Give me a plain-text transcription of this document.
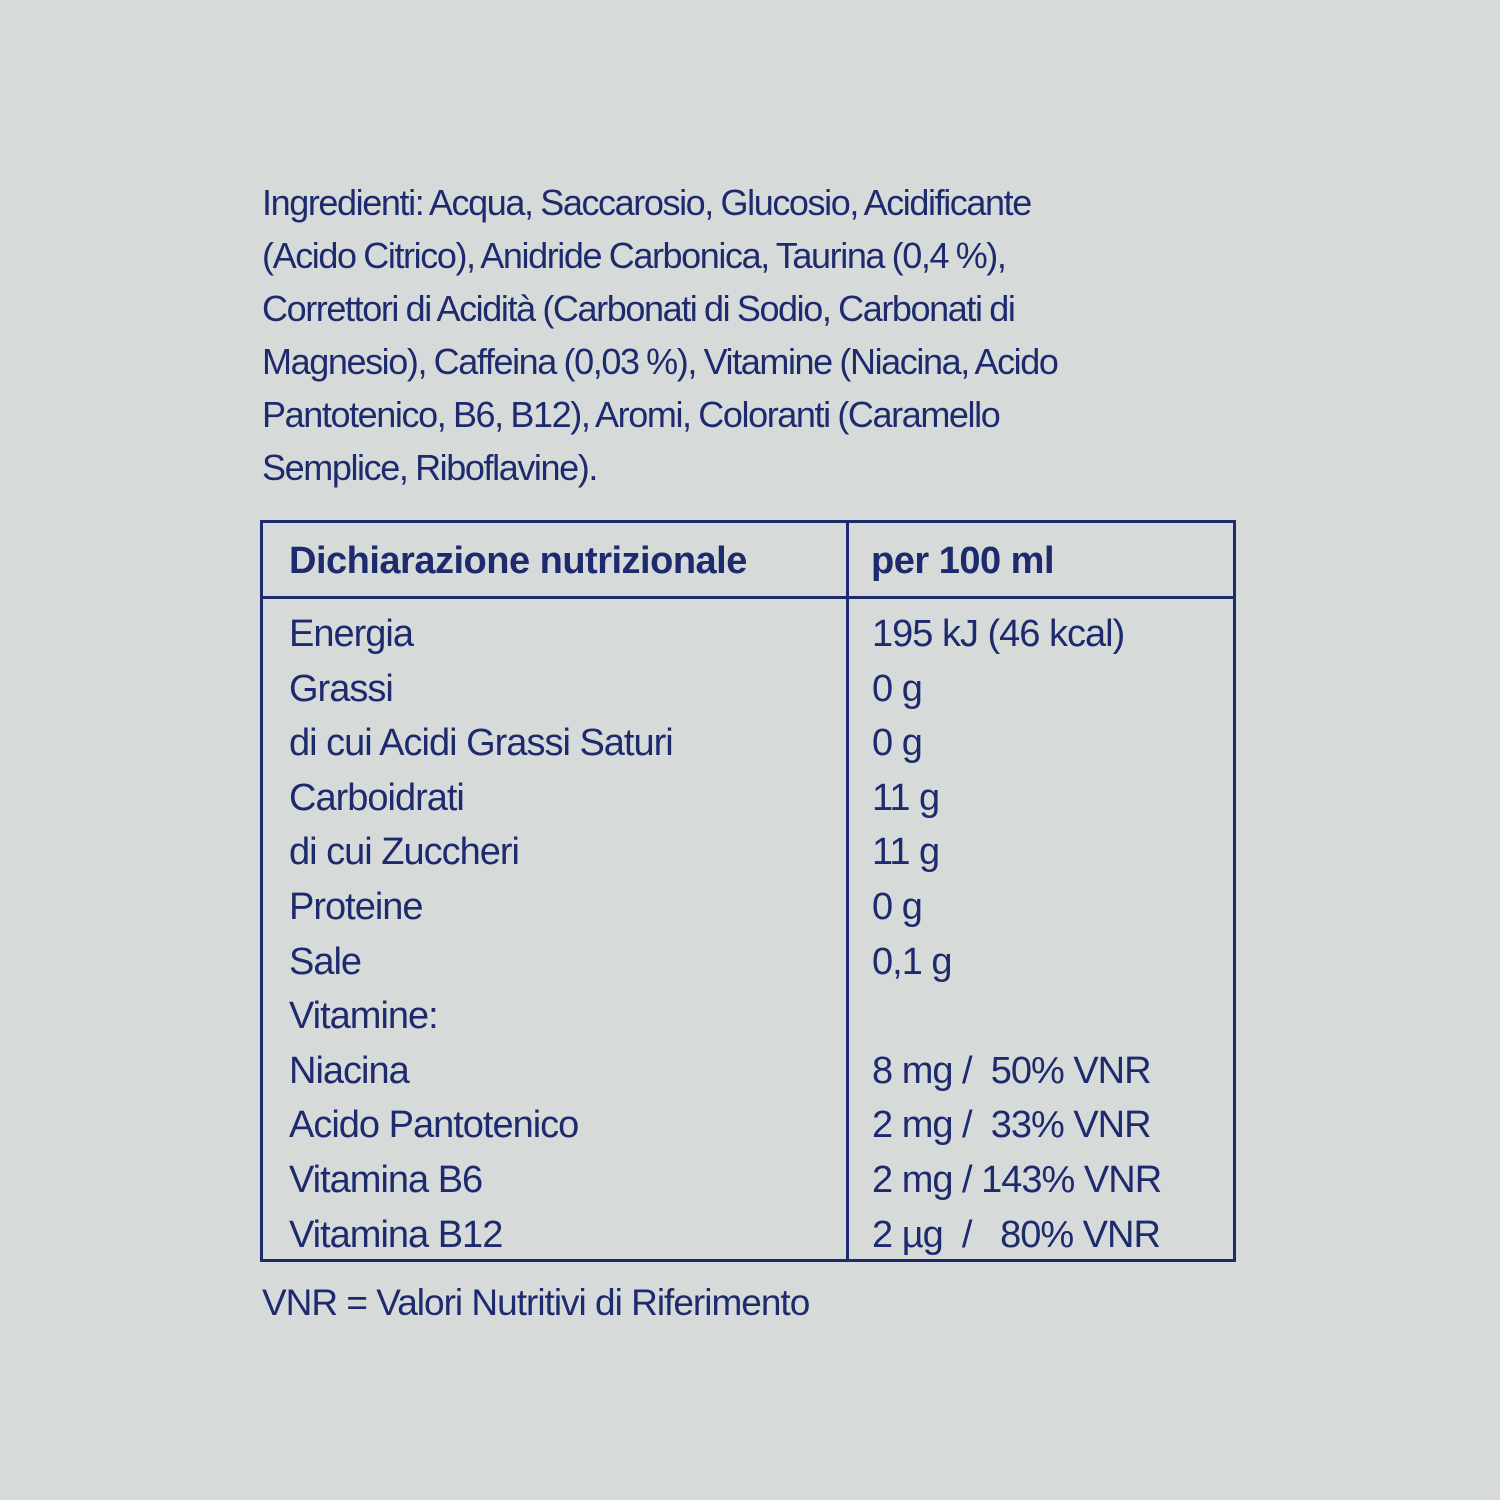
Ingredienti: Acqua, Saccarosio, Glucosio, Acidificante
(Acido Citrico), Anidride Carbonica, Taurina (0,4 %),
Correttori di Acidità (Carbonati di Sodio, Carbonati di
Magnesio), Caffeina (0,03 %), Vitamine (Niacina, Acido
Pantotenico, B6, B12), Aromi, Coloranti (Caramello
Semplice, Riboflavine).
Dichiarazione nutrizionale	per 100 ml
Energia	195 kJ (46 kcal)
Grassi	0 g
di cui Acidi Grassi Saturi	0 g
Carboidrati	11 g
di cui Zuccheri	11 g
Proteine	0 g
Sale	0,1 g
Vitamine:
Niacina	8 mg /  50% VNR
Acido Pantotenico	2 mg /  33% VNR
Vitamina B6	2 mg / 143% VNR
Vitamina B12	2 µg  /   80% VNR
VNR = Valori Nutritivi di Riferimento
